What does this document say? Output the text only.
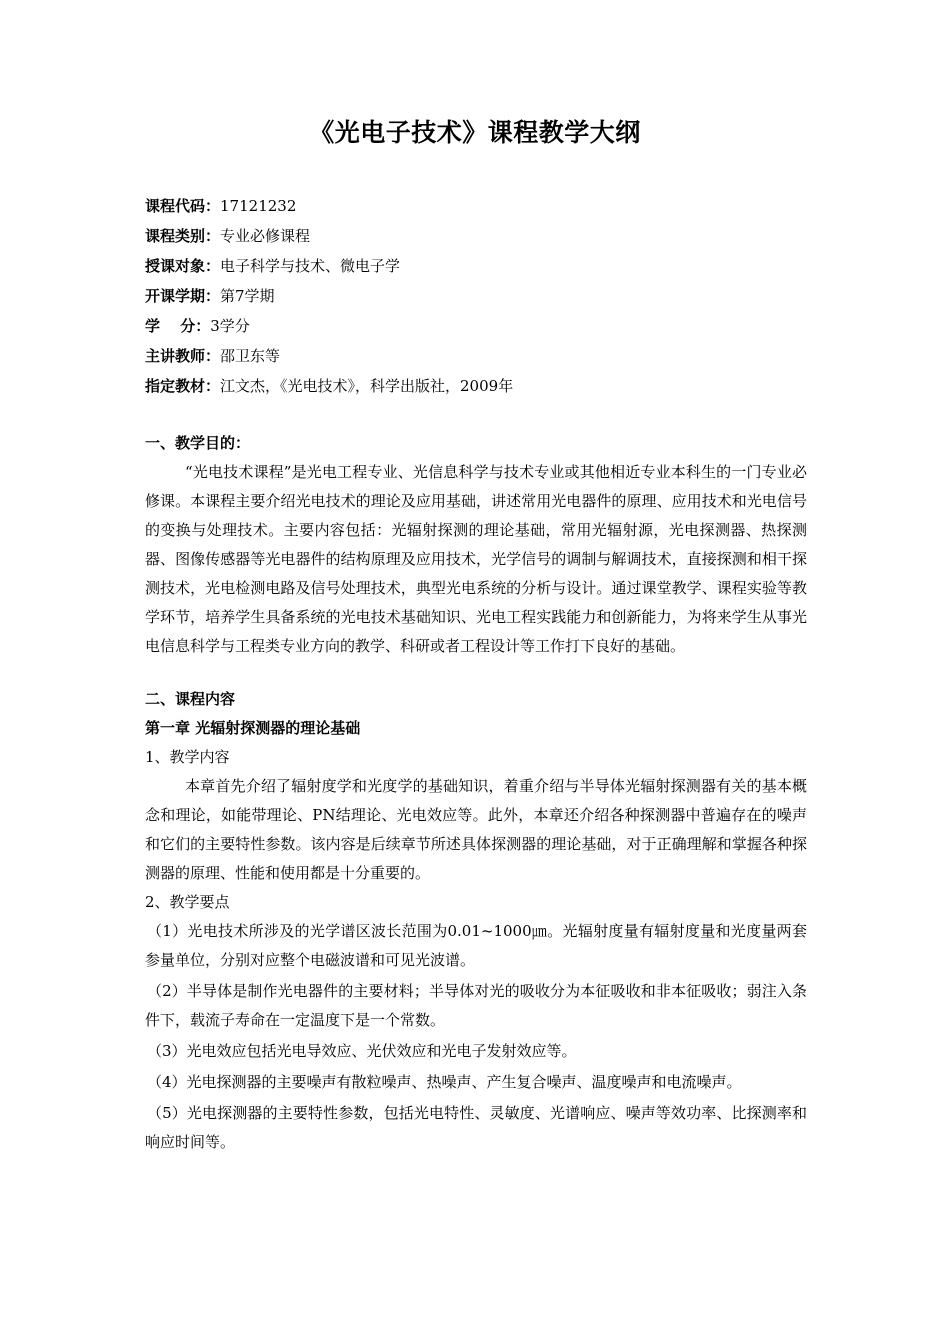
《光电子技术》课程教学大纲
课程代码：17121232
课程类别：专业必修课程
授课对象：电子科学与技术、微电子学
开课学期：第7学期
学　 分：3学分
主讲教师：邵卫东等
指定教材：江文杰，《光电技术》，科学出版社，2009年
一、教学目的：

“光电技术课程”是光电工程专业、光信息科学与技术专业或其他相近专业本科生的一门专业必修课。本课程主要介绍光电技术的理论及应用基础，讲述常用光电器件的原理、应用技术和光电信号的变换与处理技术。主要内容包括：光辐射探测的理论基础，常用光辐射源，光电探测器、热探测器、图像传感器等光电器件的结构原理及应用技术，光学信号的调制与解调技术，直接探测和相干探测技术，光电检测电路及信号处理技术，典型光电系统的分析与设计。通过课堂教学、课程实验等教学环节，培养学生具备系统的光电技术基础知识、光电工程实践能力和创新能力，为将来学生从事光电信息科学与工程类专业方向的教学、科研或者工程设计等工作打下良好的基础。

二、课程内容
第一章 光辐射探测器的理论基础
1、教学内容

本章首先介绍了辐射度学和光度学的基础知识，着重介绍与半导体光辐射探测器有关的基本概念和理论，如能带理论、PN结理论、光电效应等。此外，本章还介绍各种探测器中普遍存在的噪声和它们的主要特性参数。该内容是后续章节所述具体探测器的理论基础，对于正确理解和掌握各种探测器的原理、性能和使用都是十分重要的。

2、教学要点

（1）光电技术所涉及的光学谱区波长范围为0.01~1000㎛。光辐射度量有辐射度量和光度量两套参量单位，分别对应整个电磁波谱和可见光波谱。

（2）半导体是制作光电器件的主要材料；半导体对光的吸收分为本征吸收和非本征吸收；弱注入条件下，载流子寿命在一定温度下是一个常数。

（3）光电效应包括光电导效应、光伏效应和光电子发射效应等。

（4）光电探测器的主要噪声有散粒噪声、热噪声、产生复合噪声、温度噪声和电流噪声。

（5）光电探测器的主要特性参数，包括光电特性、灵敏度、光谱响应、噪声等效功率、比探测率和响应时间等。
